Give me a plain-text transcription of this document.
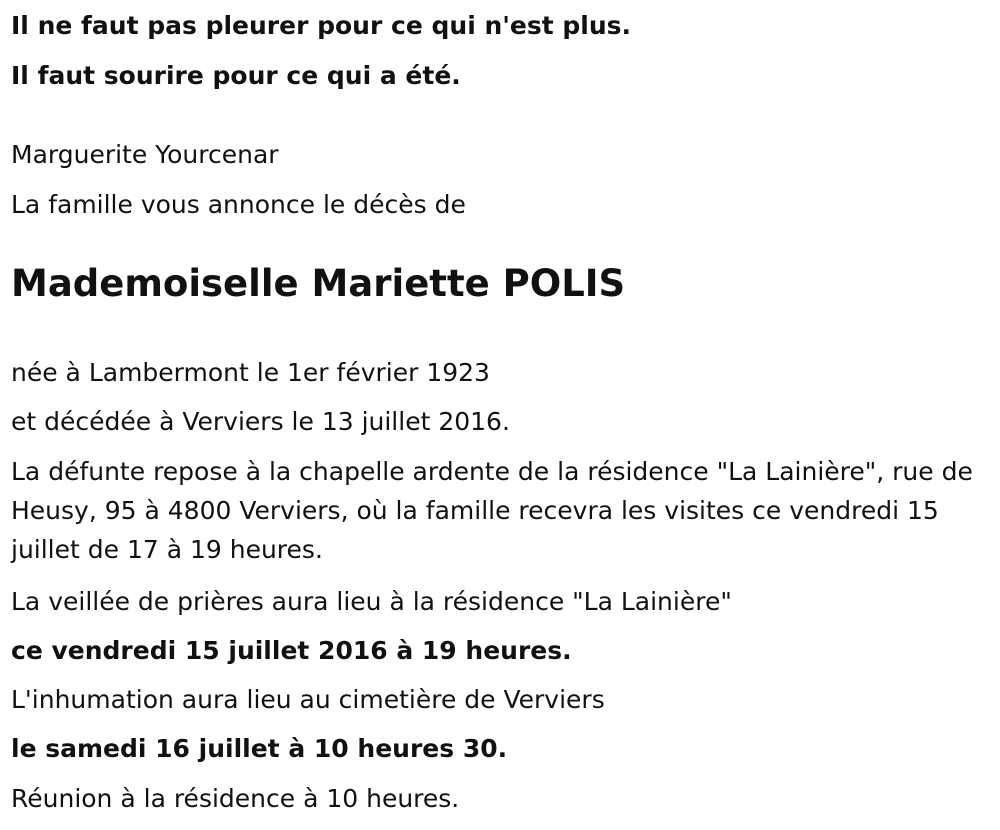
Il ne faut pas pleurer pour ce qui n'est plus.
Il faut sourire pour ce qui a été.
Marguerite Yourcenar
La famille vous annonce le décès de
Mademoiselle Mariette POLIS
née à Lambermont le 1er février 1923
et décédée à Verviers le 13 juillet 2016.
La défunte repose à la chapelle ardente de la résidence "La Lainière", rue de Heusy, 95 à 4800 Verviers, où la famille recevra les visites ce vendredi 15 juillet de 17 à 19 heures.
La veillée de prières aura lieu à la résidence "La Lainière"
ce vendredi 15 juillet 2016 à 19 heures.
L'inhumation aura lieu au cimetière de Verviers
le samedi 16 juillet à 10 heures 30.
Réunion à la résidence à 10 heures.
